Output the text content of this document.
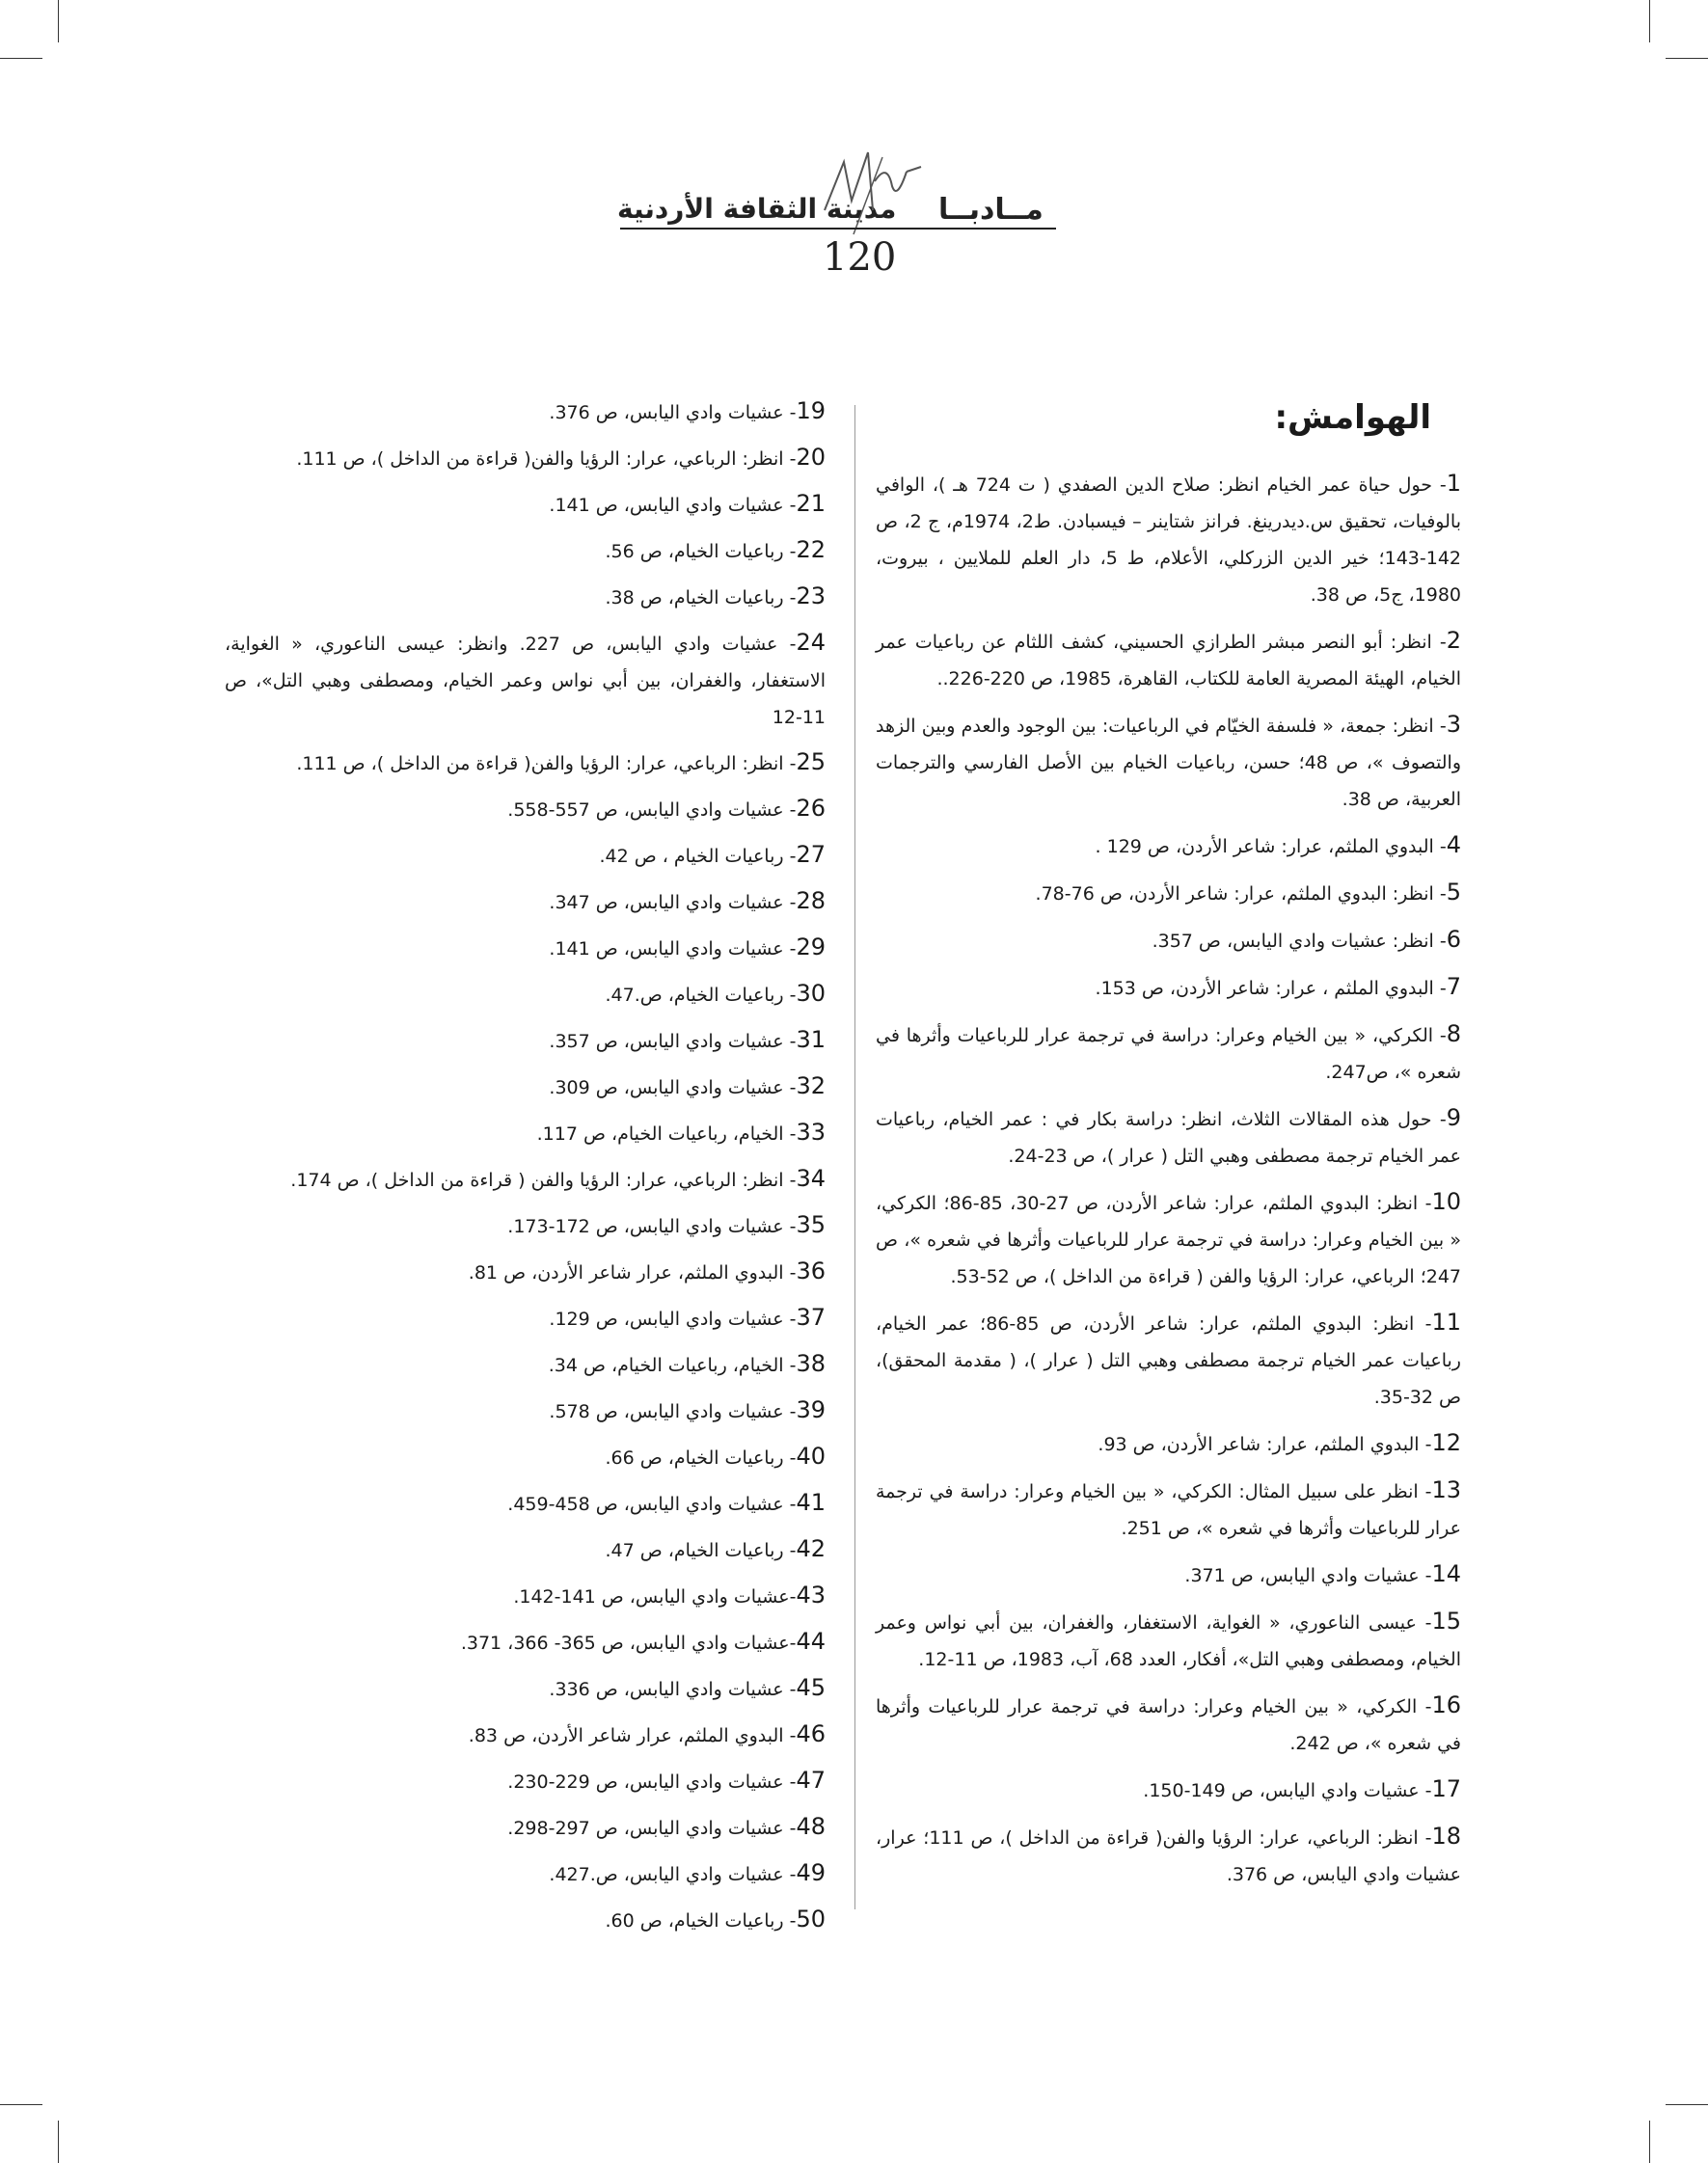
مدينة الثقافة الأردنية مــادبــا
120
الهوامش:
1- حول حياة عمر الخيام انظر: صلاح الدين الصفدي ( ت 724 هـ )، الوافي بالوفيات، تحقيق س.ديدرينغ. فرانز شتاينر – فيسبادن. ط2، 1974م، ج 2، ص 142-143؛ خير الدين الزركلي، الأعلام، ط 5، دار العلم للملايين ، بيروت، 1980، ج5، ص 38.
2- انظر: أبو النصر مبشر الطرازي الحسيني، كشف اللثام عن رباعيات عمر الخيام، الهيئة المصرية العامة للكتاب، القاهرة، 1985، ص 220-226..
3- انظر: جمعة، « فلسفة الخيّام في الرباعيات: بين الوجود والعدم وبين الزهد والتصوف »، ص 48؛ حسن، رباعيات الخيام بين الأصل الفارسي والترجمات العربية، ص 38.
4- البدوي الملثم، عرار: شاعر الأردن، ص 129 .
5- انظر: البدوي الملثم، عرار: شاعر الأردن، ص 76-78.
6- انظر: عشيات وادي اليابس، ص 357.
7- البدوي الملثم ، عرار: شاعر الأردن، ص 153.
8- الكركي، « بين الخيام وعرار: دراسة في ترجمة عرار للرباعيات وأثرها في شعره »، ص247.
9- حول هذه المقالات الثلاث، انظر: دراسة بكار في : عمر الخيام، رباعيات عمر الخيام ترجمة مصطفى وهبي التل ( عرار )، ص 23-24.
10- انظر: البدوي الملثم، عرار: شاعر الأردن، ص 27-30، 85-86؛ الكركي، « بين الخيام وعرار: دراسة في ترجمة عرار للرباعيات وأثرها في شعره »، ص 247؛ الرباعي، عرار: الرؤيا والفن ( قراءة من الداخل )، ص 52-53.
11- انظر: البدوي الملثم، عرار: شاعر الأردن، ص 85-86؛ عمر الخيام، رباعيات عمر الخيام ترجمة مصطفى وهبي التل ( عرار )، ( مقدمة المحقق)، ص 32-35.
12- البدوي الملثم، عرار: شاعر الأردن، ص 93.
13- انظر على سبيل المثال: الكركي، « بين الخيام وعرار: دراسة في ترجمة عرار للرباعيات وأثرها في شعره »، ص 251.
14- عشيات وادي اليابس، ص 371.
15- عيسى الناعوري، « الغواية، الاستغفار، والغفران، بين أبي نواس وعمر الخيام، ومصطفى وهبي التل»، أفكار، العدد 68، آب، 1983، ص 11-12.
16- الكركي، « بين الخيام وعرار: دراسة في ترجمة عرار للرباعيات وأثرها في شعره »، ص 242.
17- عشيات وادي اليابس، ص 149-150.
18- انظر: الرباعي، عرار: الرؤيا والفن( قراءة من الداخل )، ص 111؛ عرار، عشيات وادي اليابس، ص 376.
19- عشيات وادي اليابس، ص 376.
20- انظر: الرباعي، عرار: الرؤيا والفن( قراءة من الداخل )، ص 111.
21- عشيات وادي اليابس، ص 141.
22- رباعيات الخيام، ص 56.
23- رباعيات الخيام، ص 38.
24- عشيات وادي اليابس، ص 227. وانظر: عيسى الناعوري، « الغواية، الاستغفار، والغفران، بين أبي نواس وعمر الخيام، ومصطفى وهبي التل»، ص 11-12
25- انظر: الرباعي، عرار: الرؤيا والفن( قراءة من الداخل )، ص 111.
26- عشيات وادي اليابس، ص 557-558.
27- رباعيات الخيام ، ص 42.
28- عشيات وادي اليابس، ص 347.
29- عشيات وادي اليابس، ص 141.
30- رباعيات الخيام، ص.47.
31- عشيات وادي اليابس، ص 357.
32- عشيات وادي اليابس، ص 309.
33- الخيام، رباعيات الخيام، ص 117.
34- انظر: الرباعي، عرار: الرؤيا والفن ( قراءة من الداخل )، ص 174.
35- عشيات وادي اليابس، ص 172-173.
36- البدوي الملثم، عرار شاعر الأردن، ص 81.
37- عشيات وادي اليابس، ص 129.
38- الخيام، رباعيات الخيام، ص 34.
39- عشيات وادي اليابس، ص 578.
40- رباعيات الخيام، ص 66.
41- عشيات وادي اليابس، ص 458-459.
42- رباعيات الخيام، ص 47.
43-عشيات وادي اليابس، ص 141-142.
44-عشيات وادي اليابس، ص 365- 366، 371.
45- عشيات وادي اليابس، ص 336.
46- البدوي الملثم، عرار شاعر الأردن، ص 83.
47- عشيات وادي اليابس، ص 229-230.
48- عشيات وادي اليابس، ص 297-298.
49- عشيات وادي اليابس، ص.427.
50- رباعيات الخيام، ص 60.
